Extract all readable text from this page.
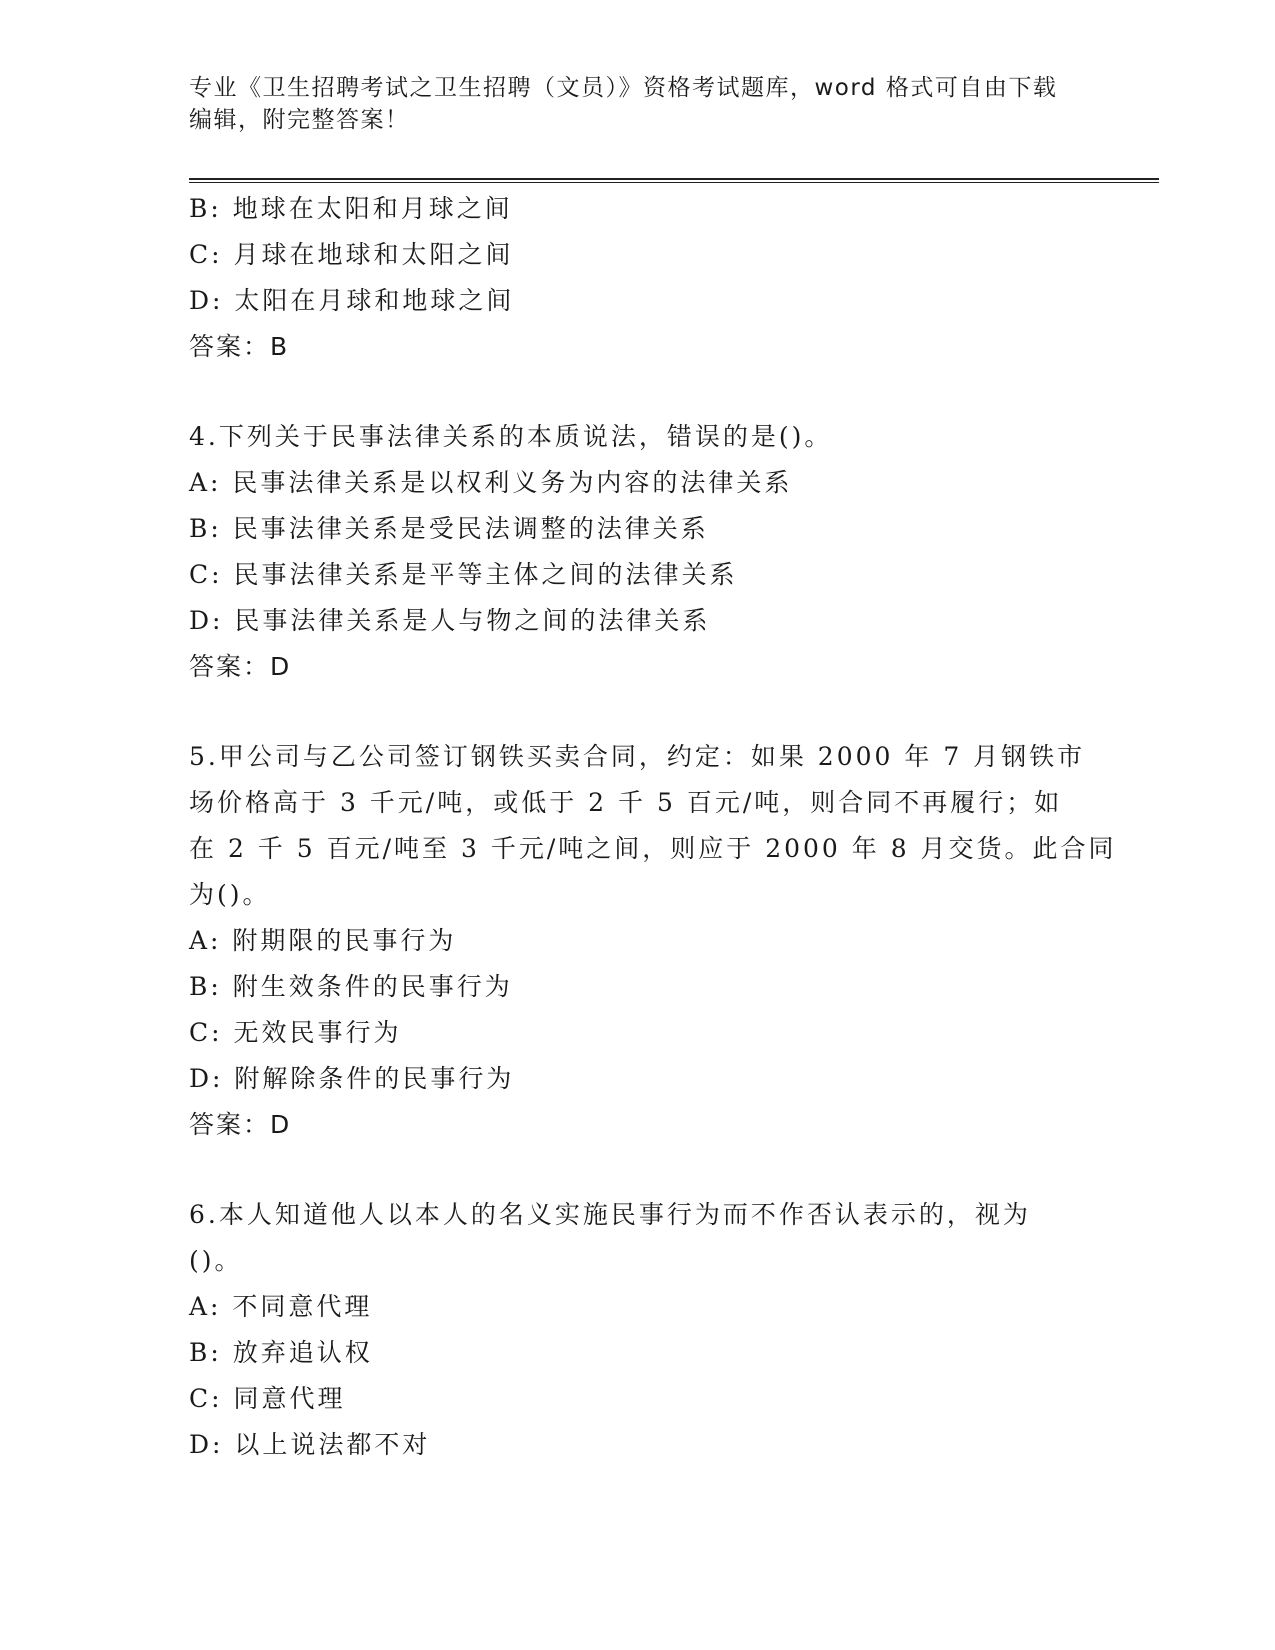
专业《卫生招聘考试之卫生招聘（文员）》资格考试题库，word 格式可自由下载
编辑，附完整答案！
B: 地球在太阳和月球之间
C: 月球在地球和太阳之间
D: 太阳在月球和地球之间
答案：B
4.下列关于民事法律关系的本质说法，错误的是()。
A: 民事法律关系是以权利义务为内容的法律关系
B: 民事法律关系是受民法调整的法律关系
C: 民事法律关系是平等主体之间的法律关系
D: 民事法律关系是人与物之间的法律关系
答案：D
5.甲公司与乙公司签订钢铁买卖合同，约定：如果 2000 年 7 月钢铁市
场价格高于 3 千元/吨，或低于 2 千 5 百元/吨，则合同不再履行；如
在 2 千 5 百元/吨至 3 千元/吨之间，则应于 2000 年 8 月交货。此合同
为()。
A: 附期限的民事行为
B: 附生效条件的民事行为
C: 无效民事行为
D: 附解除条件的民事行为
答案：D
6.本人知道他人以本人的名义实施民事行为而不作否认表示的，视为
()。
A: 不同意代理
B: 放弃追认权
C: 同意代理
D: 以上说法都不对
